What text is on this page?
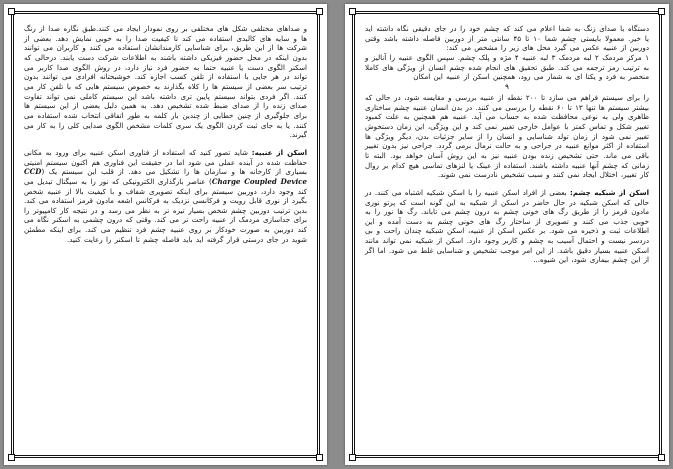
و صداهای مختلفی شکل های مختلفی بر روی نمودار ایجاد می کنند.طبق نگاره صدا از رنگ ها و سایه های کالبدی استفاده می کند تا کیفیت صدا را به خوبی نمایش دهد. بعضی از شرکت ها از این طریق، برای شناسایی کارمندانشان استفاده می کنند و کاربران می توانند بدون اینکه در محل حضور فیزیکی داشته باشند به اطلاعات شرکت دست یابند. درحالی که اسکنر الگوی دست یا عنبیه حتما به حضور فرد نیاز دارد، در روش الگوی صدا کاربر می تواند در هر جایی با استفاده از تلفن کسب اجازه کند. خوشبختانه افرادی می توانند بدون ترتیب سر بعضی از سیستم ها را کلاه بگذارند به خصوص سیستم هایی که با تلفن کار می کنند. اگر فردی بتواند سیستم پایین تری داشته باشد این سیستم کاملی نمی تواند تفاوت صدای زنده را از صدای ضبط شده تشخیص دهد. به همین دلیل بعضی از این سیستم ها برای جلوگیری از چنین خطایی از چندین بار کلمه به طور اتفاقی انتخاب شده استفاده می کنند. یا به جای ثبت کردن الگوی یک سری کلمات مشخص الگوی صدایی کلی را به کار می گیرند.

اسکن از عنبیه: شاید تصور کنید که استفاده از فناوری اسکن عنبیه برای ورود به مکانی حفاظت شده در آینده عملی می شود اما در حقیقت این فناوری هم اکنون سیستم امنیتی بسیاری از کارخانه ها و سازمان ها را تشکیل می دهد. از قلب این سیستم یک (CCD Charge Coupled Device) عناصر بارگذاری الکترونیکی که نور را به سیگنال تبدیل می کند وجود دارد، دوربین سیستم برای اینکه تصویری شفاف و با کیفیت بالا از عنبیه شخص بگیرد از نوری قابل رویت و فرکانسی نزدیک به فرکانس اشعه مادون قرمز استفاده می کند. بدین ترتیب دوربین چشم شخص بسیار تیره تر به نظر می رسد و در نتیجه کار کامپیوتر را برای جداسازی مردمک از عنبیه راحت تر می کند. وقتی که درون چشمی به اسکنر نگاه می کند دوربین به صورت خودکار بر روی عنبیه چشم فرد تنظیم می کند. برای اینکه مطمئن شوید در جای درستی قرار گرفته اید باید فاصله چشم تا اسکنر را رعایت کنید.

دستگاه با صدای زنگ به شما اعلام می کند که چشم خود را در جای دقیقی نگاه داشته اید یا خیر. معمولا بایستی چشم شما ۱۰ تا ۴۵ سانتی متر از دوربین فاصله داشته باشد وقتی دوربین از عنبیه عکس می گیرد محل های زیر را مشخص می کند:
۱ مرکز مردمک ۲ لبه مردمک ۳ لبه عنبیه ۴ مژه و پلک چشم. سپس الگوی عنبیه را آنالیز و به ترتیب رمز ترجمه می کند. طبق تحقیق های انجام شده چشم انسان از ویژگی های کاملا منحصر به فرد و یکتا ای به شمار می رود، همچنین اسکن از عنبیه این امکان

۹

را برای سیستم فراهم می سازد تا ۲۰۰ نقطه از عنبیه بررسی و مقایسه شود، در حالی که بیشتر سیستم ها تنها ۱۳ تا ۶۰ نقطه را بررسی می کنند. در بدن انسان عنبیه چشم ساختاری ظاهری ولی به نوعی محافظت شده به حساب می آید. عنبیه هم همچنین به علت کمبود تغییر شکل و تماس کمتر با عوامل خارجی تغییر نمی کند و این ویژگی، این زمان دستخوش تغییر نمی شود از زمان تولد شناسایی و انسان را از سایر جزئیات بدن، دیگر ویژگی ها استفاده از اکثر موانع عنبیه در جراحی و به حالت نرمال برمی گردد. جراحی نیز بدون تغییر باقی می ماند. حتی تشخیص زنده بودن عنبیه نیز به این روش آسان خواهد بود. البته تا زمانی که چشم آنها عنبیه داشته باشند. استفاده از عینک یا لنزهای تماسی هیچ کدام بر روال کار تغییر، اختلال ایجاد نمی کنند و سبب تشخیص نادرست نمی شوند.

اسکن از شبکیه چشم: بعضی از افراد اسکن عنبیه را با اسکن شبکیه اشتباه می کنند. در حالی که اسکن شبکیه در حال حاضر در اسکن از شبکیه به این گونه است که پرتو نوری مادون قرمز را از طریق رگ های خونی چشم به درون چشم می تاباند. رگ ها نور را به خوبی جذب می کنند و تصویری از ساختار رگ های خونی چشم به دست آمده و این اطلاعات ثبت و ذخیره می شود. بر عکس اسکن از عنبیه، اسکن شبکیه چندان راحت و بی دردسر نیست و احتمال آسیب به چشم و کاربر وجود دارد. اسکن از شبکیه نمی تواند مانند اسکن عنبیه بسیار دقیق باشد. از این امر موجب تشخیص و شناسایی غلط می شود. اما اگر از این چشم بیماری شود، این شیوه...
